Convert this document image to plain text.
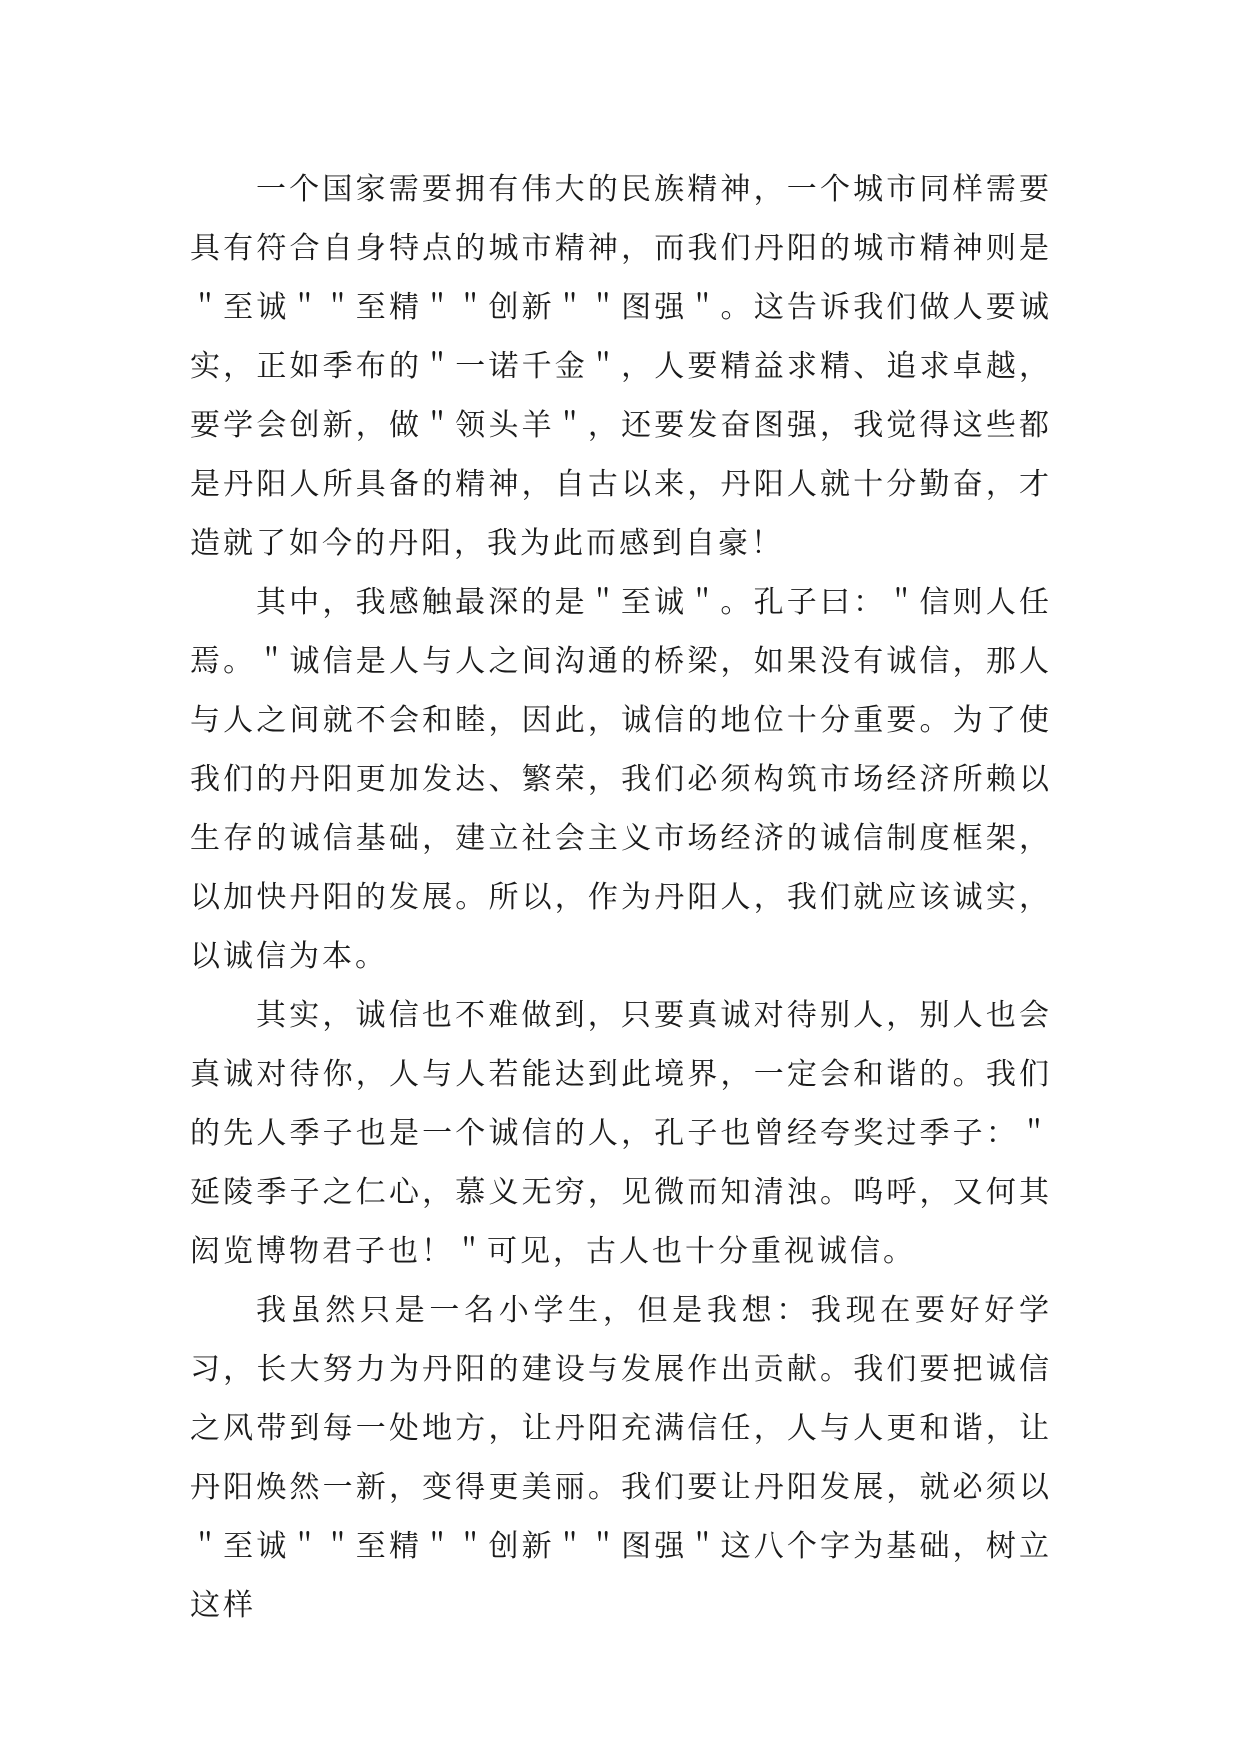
一个国家需要拥有伟大的民族精神，一个城市同样需要具有符合自身特点的城市精神，而我们丹阳的城市精神则是＂至诚＂＂至精＂＂创新＂＂图强＂。这告诉我们做人要诚实，正如季布的＂一诺千金＂，人要精益求精、追求卓越，要学会创新，做＂领头羊＂，还要发奋图强，我觉得这些都是丹阳人所具备的精神，自古以来，丹阳人就十分勤奋，才造就了如今的丹阳，我为此而感到自豪！

其中，我感触最深的是＂至诚＂。孔子曰：＂信则人任焉。＂诚信是人与人之间沟通的桥梁，如果没有诚信，那人与人之间就不会和睦，因此，诚信的地位十分重要。为了使我们的丹阳更加发达、繁荣，我们必须构筑市场经济所赖以生存的诚信基础，建立社会主义市场经济的诚信制度框架，以加快丹阳的发展。所以，作为丹阳人，我们就应该诚实，以诚信为本。

其实，诚信也不难做到，只要真诚对待别人，别人也会真诚对待你，人与人若能达到此境界，一定会和谐的。我们的先人季子也是一个诚信的人，孔子也曾经夸奖过季子：＂延陵季子之仁心，慕义无穷，见微而知清浊。呜呼，又何其闳览博物君子也！＂可见，古人也十分重视诚信。

我虽然只是一名小学生，但是我想：我现在要好好学习，长大努力为丹阳的建设与发展作出贡献。我们要把诚信之风带到每一处地方，让丹阳充满信任，人与人更和谐，让丹阳焕然一新，变得更美丽。我们要让丹阳发展，就必须以＂至诚＂＂至精＂＂创新＂＂图强＂这八个字为基础，树立这样
